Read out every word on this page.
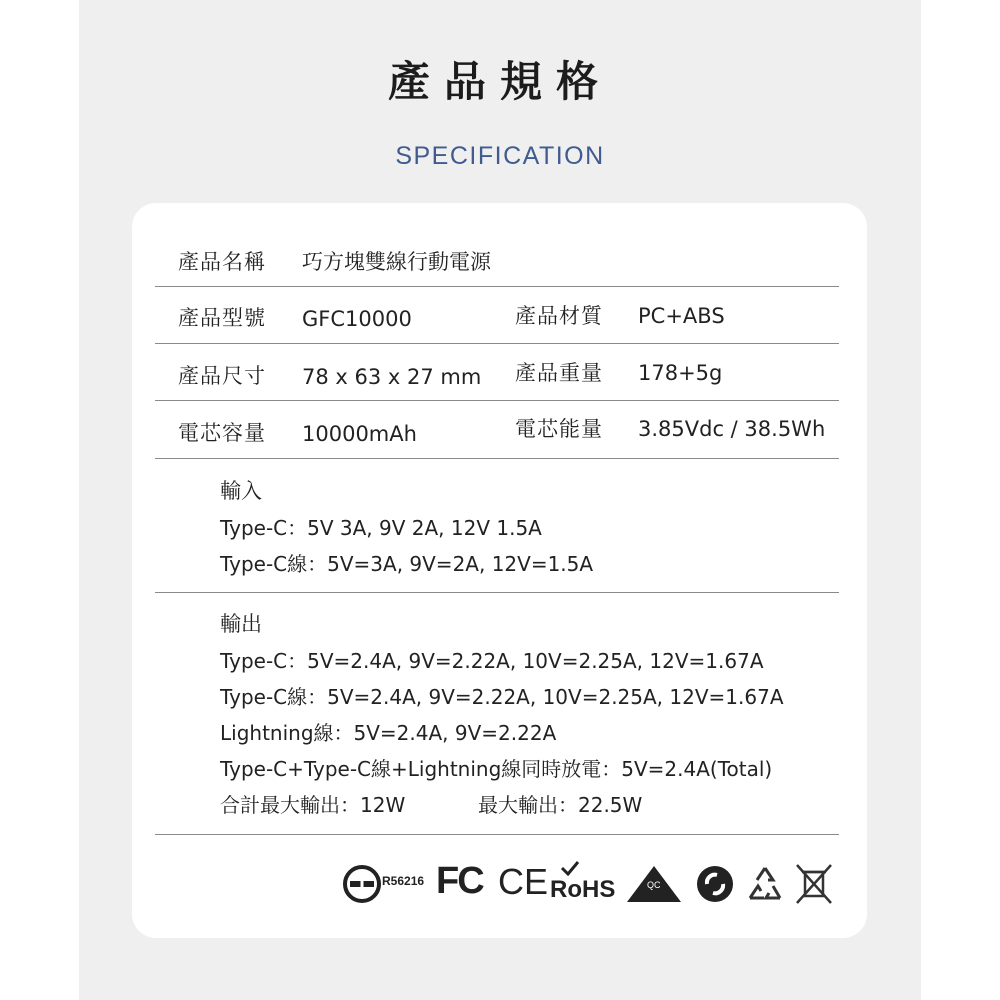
產品規格
SPECIFICATION
產品名稱 巧方塊雙線行動電源
產品型號 GFC10000	產品材質 PC+ABS
產品尺寸 78 x 63 x 27 mm 產品重量 178+5g
電芯容量 10000mAh	電芯能量 3.85Vdc / 38.5Wh
輸入
Type-C：5V 3A, 9V 2A, 12V 1.5A
Type-C線：5V=3A, 9V=2A, 12V=1.5A
輸出
Type-C：5V=2.4A, 9V=2.22A, 10V=2.25A, 12V=1.67A
Type-C線：5V=2.4A, 9V=2.22A, 10V=2.25A, 12V=1.67A
Lightning線：5V=2.4A, 9V=2.22A
Type-C+Type-C線+Lightning線同時放電：5V=2.4A(Total)
合計最大輸出：12W	最大輸出：22.5W
R56216 FC CE RoHS	QC
